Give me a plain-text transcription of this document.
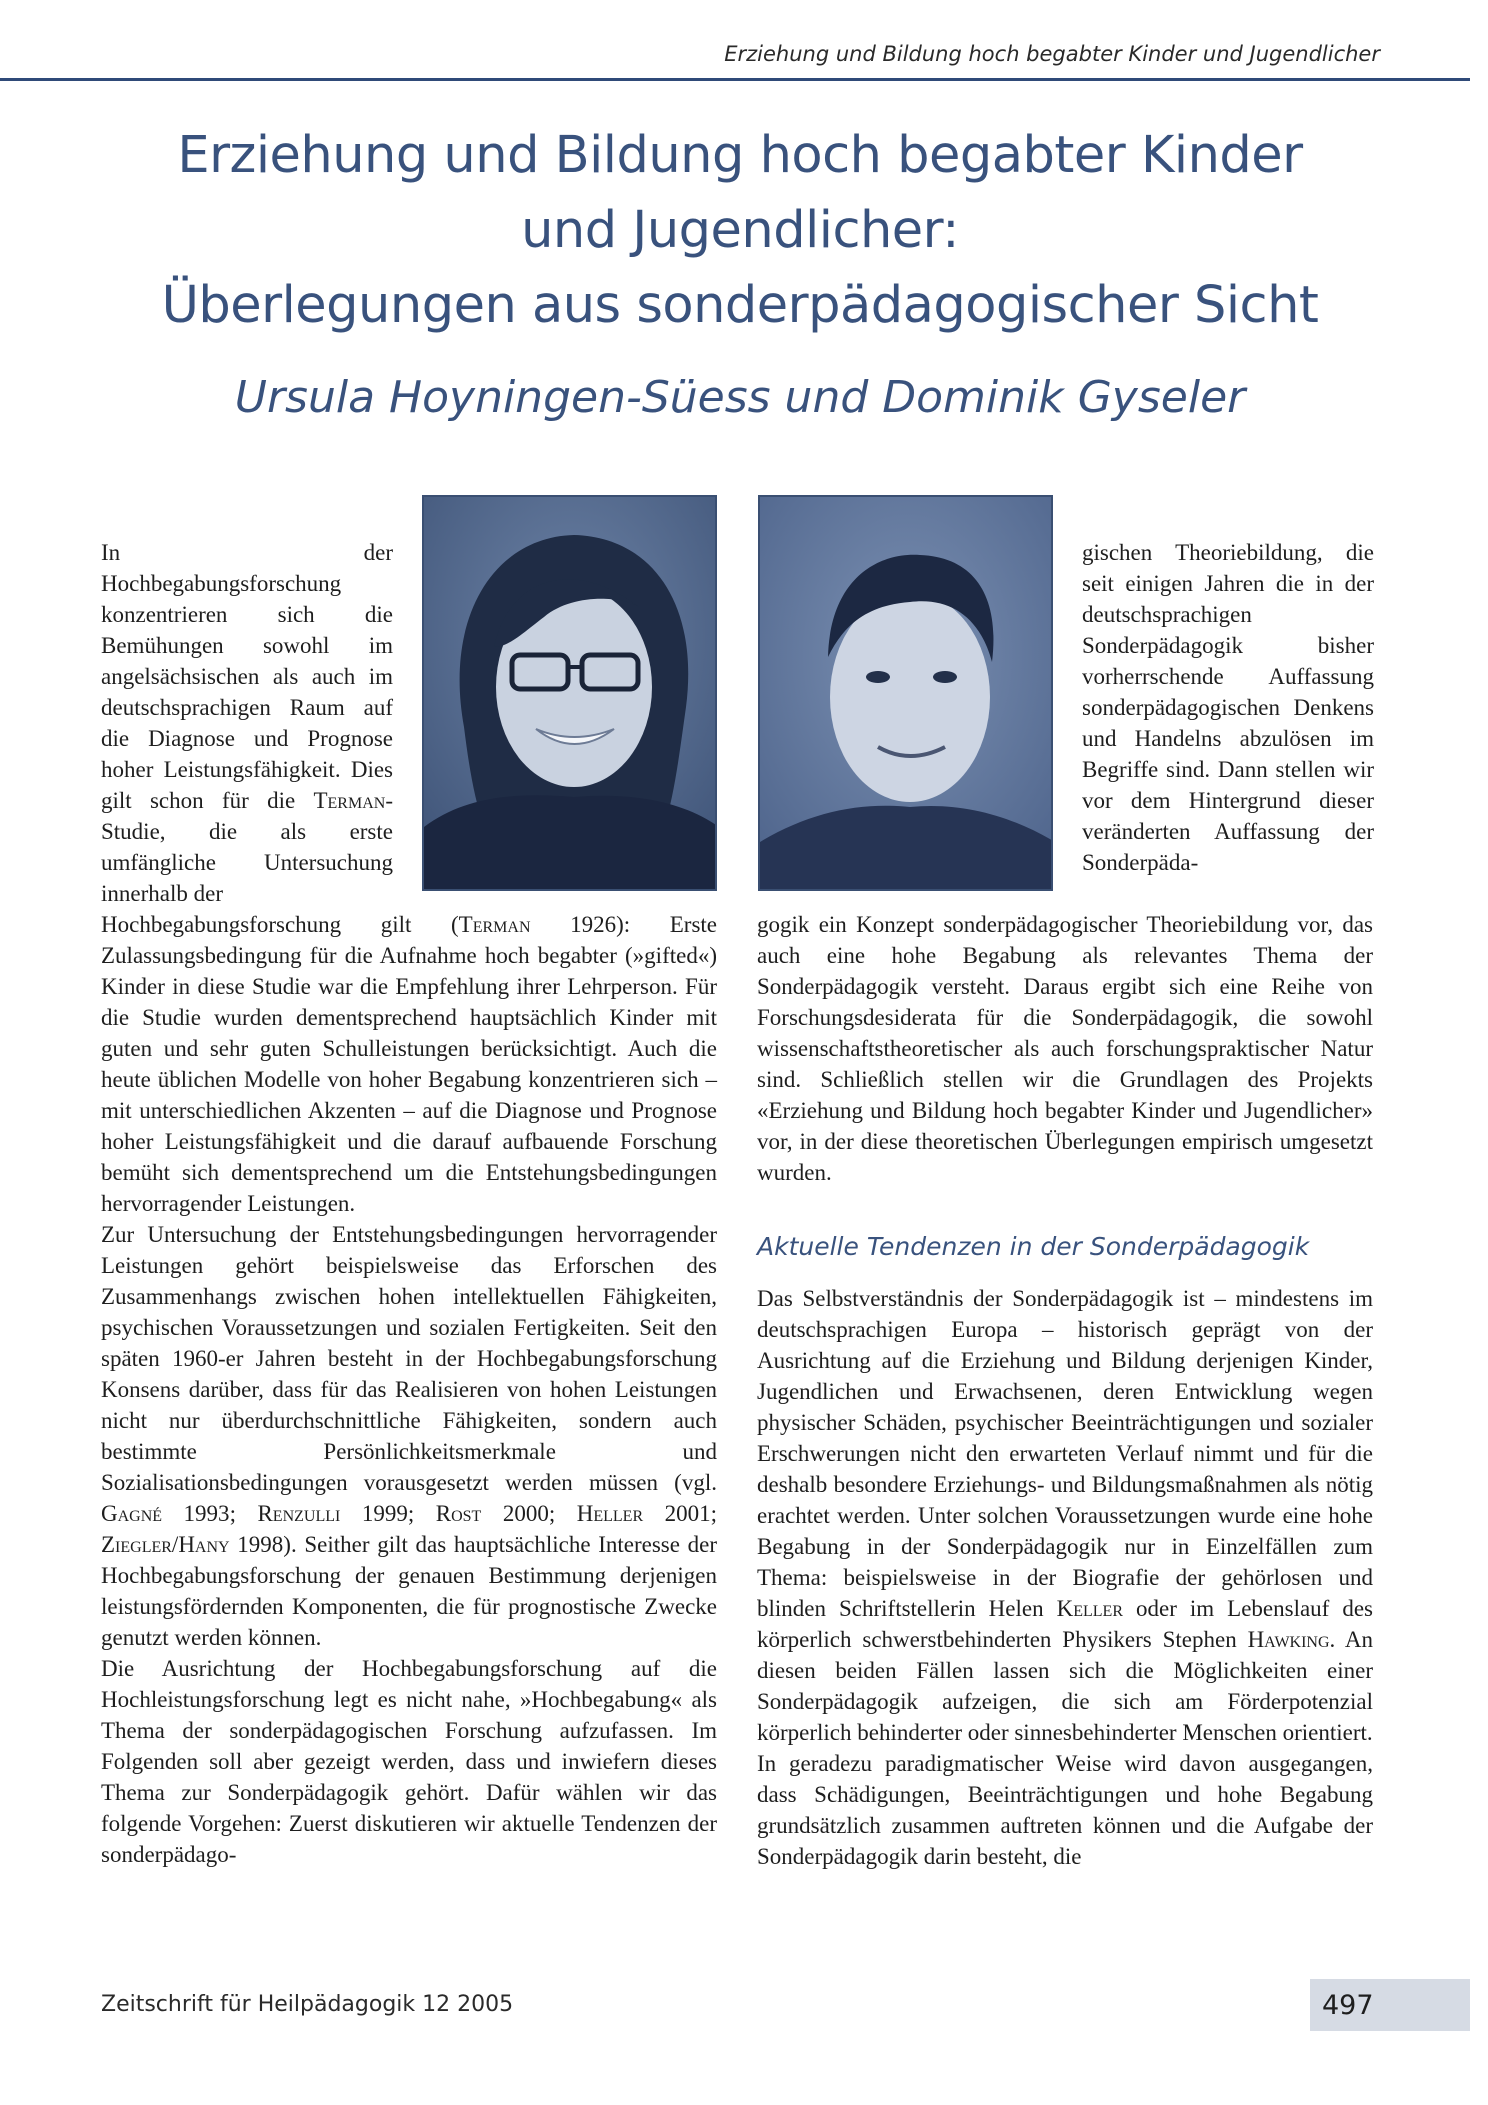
Erziehung und Bildung hoch begabter Kinder und Jugendlicher
Erziehung und Bildung hoch begabter Kinder
und Jugendlicher:
Überlegungen aus sonderpädagogischer Sicht
Ursula Hoyningen-Süess und Dominik Gyseler

In der Hochbegabungsforschung konzentrieren sich die Bemühungen sowohl im angelsächsischen als auch im deutschsprachigen Raum auf die Diagnose und Prognose hoher Leistungsfähigkeit. Dies gilt schon für die Terman-Studie, die als erste umfängliche Untersuchung innerhalb der

Hochbegabungsforschung gilt (Terman 1926): Erste Zulassungsbedingung für die Aufnahme hoch begabter (»gifted«) Kinder in diese Studie war die Empfehlung ihrer Lehrperson. Für die Studie wurden dementsprechend hauptsächlich Kinder mit guten und sehr guten Schulleistungen berücksichtigt. Auch die heute üblichen Modelle von hoher Begabung konzentrieren sich – mit unterschiedlichen Akzenten – auf die Diagnose und Prognose hoher Leistungsfähigkeit und die darauf aufbauende Forschung bemüht sich dementsprechend um die Entstehungsbedingungen hervorragender Leistungen.

Zur Untersuchung der Entstehungsbedingungen hervorragender Leistungen gehört beispielsweise das Erforschen des Zusammenhangs zwischen hohen intellektuellen Fähigkeiten, psychischen Voraussetzungen und sozialen Fertigkeiten. Seit den späten 1960-er Jahren besteht in der Hochbegabungsforschung Konsens darüber, dass für das Realisieren von hohen Leistungen nicht nur überdurchschnittliche Fähigkeiten, sondern auch bestimmte Persönlichkeitsmerkmale und Sozialisationsbedingungen vorausgesetzt werden müssen (vgl. Gagné 1993; Renzulli 1999; Rost 2000; Heller 2001; Ziegler/Hany 1998). Seither gilt das hauptsächliche Interesse der Hochbegabungsforschung der genauen Bestimmung derjenigen leistungsfördernden Komponenten, die für prognostische Zwecke genutzt werden können.

Die Ausrichtung der Hochbegabungsforschung auf die Hochleistungsforschung legt es nicht nahe, »Hochbegabung« als Thema der sonderpädagogischen Forschung aufzufassen. Im Folgenden soll aber gezeigt werden, dass und inwiefern dieses Thema zur Sonderpädagogik gehört. Dafür wählen wir das folgende Vorgehen: Zuerst diskutieren wir aktuelle Tendenzen der sonderpädago-

gischen Theoriebildung, die seit einigen Jahren die in der deutschsprachigen Sonderpädagogik bisher vorherrschende Auffassung sonderpädagogischen Denkens und Handelns abzulösen im Begriffe sind. Dann stellen wir vor dem Hintergrund dieser veränderten Auffassung der Sonderpäda-
gogik ein Konzept sonderpädagogischer Theoriebildung vor, das auch eine hohe Begabung als relevantes Thema der Sonderpädagogik versteht. Daraus ergibt sich eine Reihe von Forschungsdesiderata für die Sonderpädagogik, die sowohl wissenschaftstheoretischer als auch forschungspraktischer Natur sind. Schließlich stellen wir die Grundlagen des Projekts «Erziehung und Bildung hoch begabter Kinder und Jugendlicher» vor, in der diese theoretischen Überlegungen empirisch umgesetzt wurden.
Aktuelle Tendenzen in der Sonderpädagogik

Das Selbstverständnis der Sonderpädagogik ist – mindestens im deutschsprachigen Europa – historisch geprägt von der Ausrichtung auf die Erziehung und Bildung derjenigen Kinder, Jugendlichen und Erwachsenen, deren Entwicklung wegen physischer Schäden, psychischer Beeinträchtigungen und sozialer Erschwerungen nicht den erwarteten Verlauf nimmt und für die deshalb besondere Erziehungs- und Bildungsmaßnahmen als nötig erachtet werden. Unter solchen Voraussetzungen wurde eine hohe Begabung in der Sonderpädagogik nur in Einzelfällen zum Thema: beispielsweise in der Biografie der gehörlosen und blinden Schriftstellerin Helen Keller oder im Lebenslauf des körperlich schwerstbehinderten Physikers Stephen Hawking. An diesen beiden Fällen lassen sich die Möglichkeiten einer Sonderpädagogik aufzeigen, die sich am Förderpotenzial körperlich behinderter oder sinnesbehinderter Menschen orientiert.

In geradezu paradigmatischer Weise wird davon ausgegangen, dass Schädigungen, Beeinträchtigungen und hohe Begabung grundsätzlich zusammen auftreten können und die Aufgabe der Sonderpädagogik darin besteht, die

Zeitschrift für Heilpädagogik 12 2005	497
